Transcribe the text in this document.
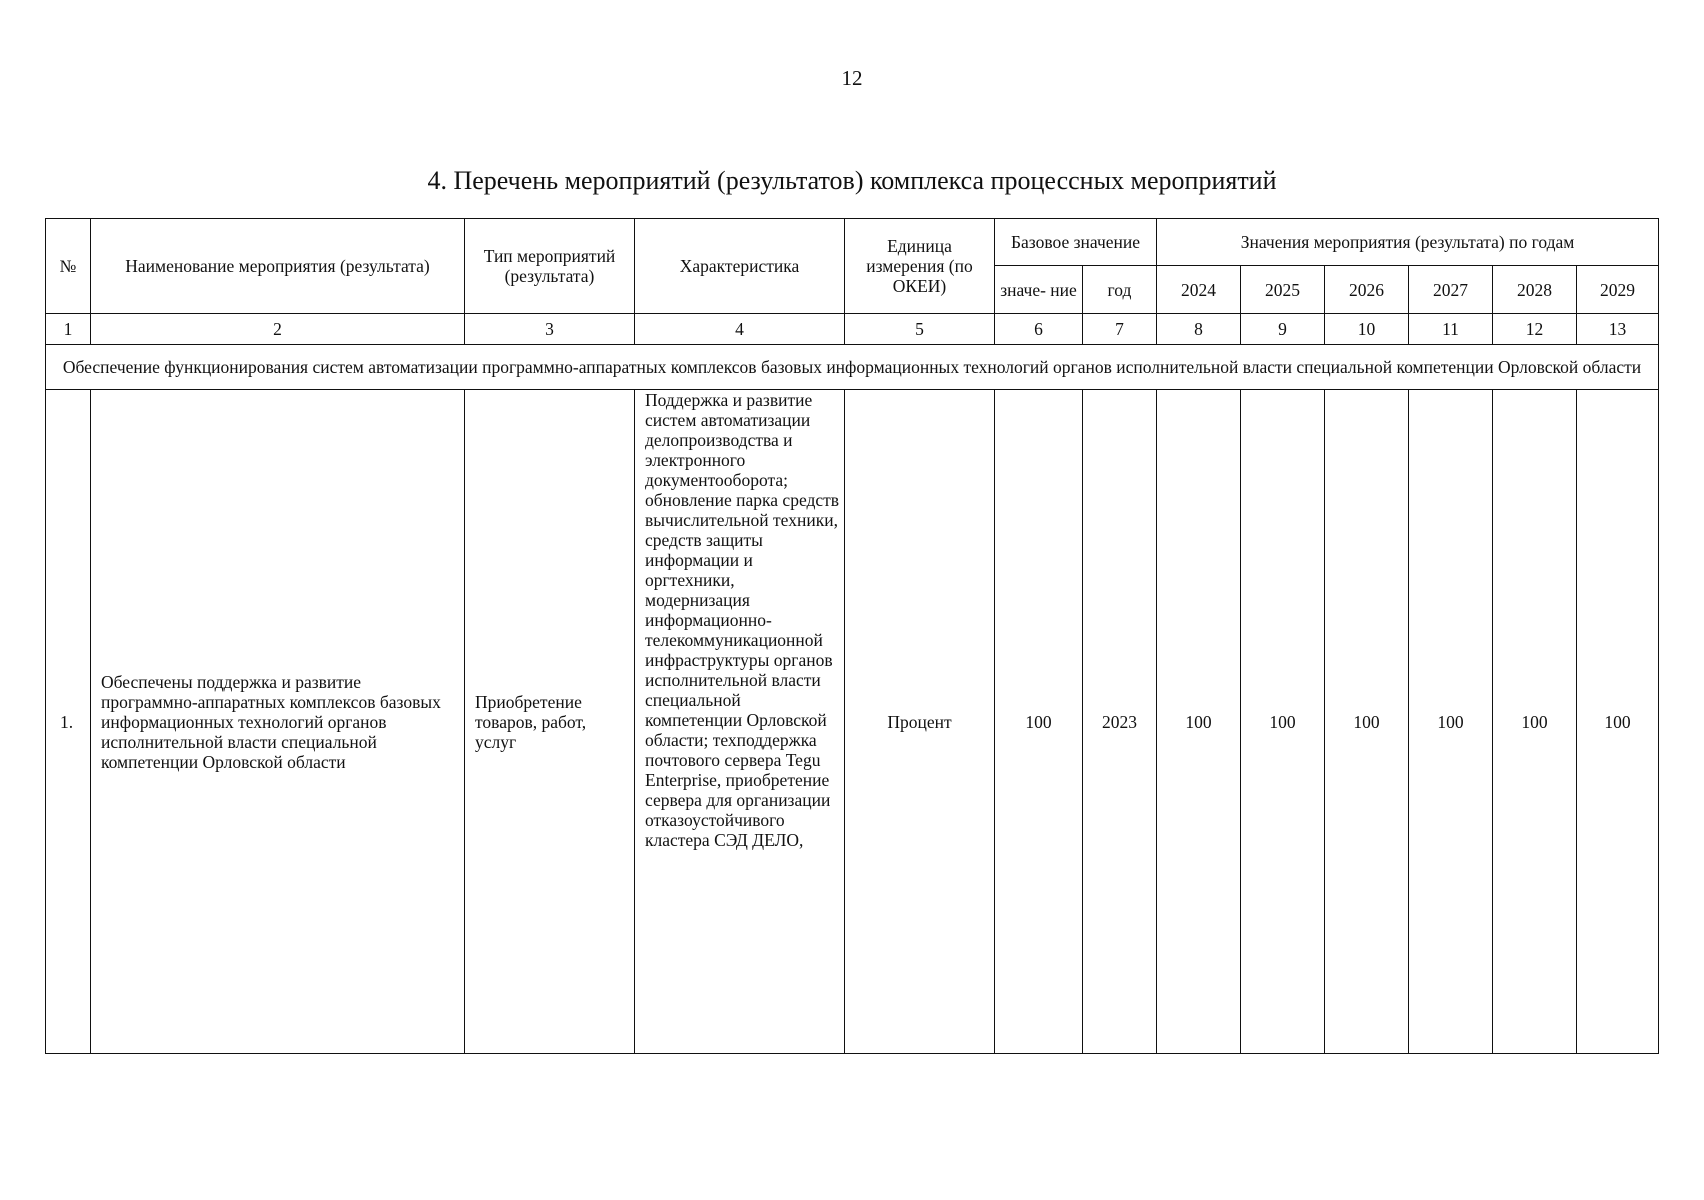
12
4. Перечень мероприятий (результатов) комплекса процессных мероприятий
№	Наименование мероприятия (результата)	Тип мероприятий (результата)	Характеристика	Единица измерения (по ОКЕИ)	Базовое значение		Значения мероприятия (результата) по годам					
					значе- ние	год	2024	2025	2026	2027	2028	2029
1	2	3	4	5	6	7	8	9	10	11	12	13
Обеспечение функционирования систем автоматизации программно-аппаратных комплексов базовых информационных технологий органов исполнительной власти специальной компетенции Орловской области												
1.	Обеспечены поддержка и развитие программно-аппаратных комплексов базовых информационных технологий органов исполнительной власти специальной компетенции Орловской области	Приобретение товаров, работ, услуг	Поддержка и развитие систем автоматизации делопроизводства и электронного документооборота; обновление парка средств вычислительной техники, средств защиты информации и оргтехники, модернизация информационно-телекоммуникационной инфраструктуры органов исполнительной власти специальной компетенции Орловской области; техподдержка почтового сервера Tegu Enterprise, приобретение сервера для организации отказоустойчивого кластера СЭД ДЕЛО,	Процент	100	2023	100	100	100	100	100	100
